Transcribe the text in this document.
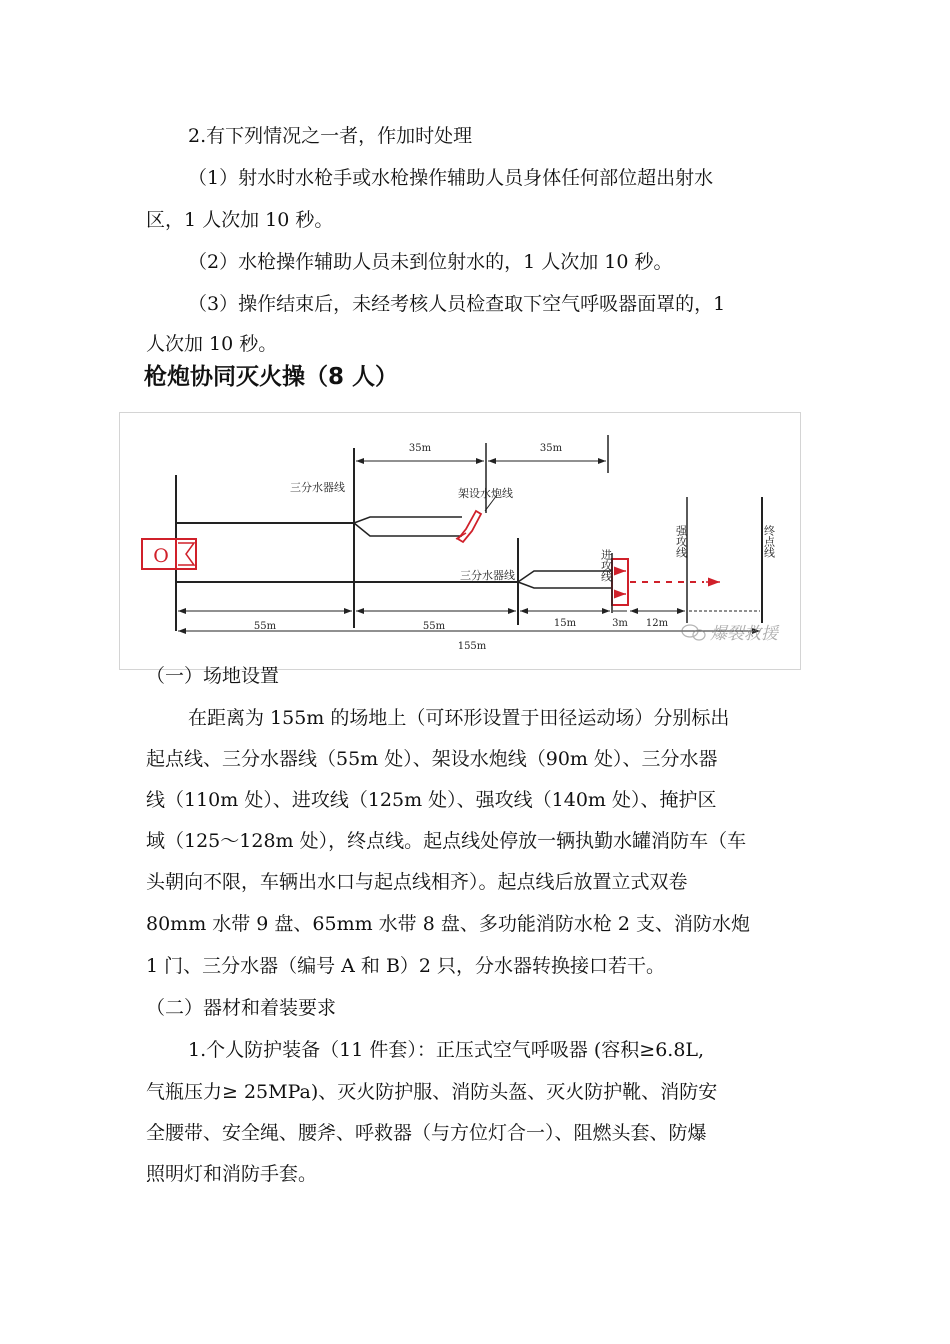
2.有下列情况之一者，作加时处理
（1）射水时水枪手或水枪操作辅助人员身体任何部位超出射水
区，1 人次加 10 秒。
（2）水枪操作辅助人员未到位射水的，1 人次加 10 秒。
（3）操作结束后，未经考核人员检查取下空气呼吸器面罩的，1
人次加 10 秒。
枪炮协同灭火操（8 人）
O
35m	35m
三分水器线	架设水炮线
三分水器线	进攻线
强攻线	终点线
55m	55m	15m	3m 12m
155m
爆裂救援
（一）场地设置
在距离为 155m 的场地上（可环形设置于田径运动场）分别标出
起点线、三分水器线（55m 处）、架设水炮线（90m 处）、三分水器
线（110m 处）、进攻线（125m 处）、强攻线（140m 处）、掩护区
域（125～128m 处），终点线。起点线处停放一辆执勤水罐消防车（车
头朝向不限，车辆出水口与起点线相齐）。起点线后放置立式双卷
80mm 水带 9 盘、65mm 水带 8 盘、多功能消防水枪 2 支、消防水炮
1 门、三分水器（编号 A 和 B）2 只，分水器转换接口若干。
（二）器材和着装要求
1.个人防护装备（11 件套）：正压式空气呼吸器 (容积≥6.8L,
气瓶压力≥ 25MPa)、灭火防护服、消防头盔、灭火防护靴、消防安
全腰带、安全绳、腰斧、呼救器（与方位灯合一）、阻燃头套、防爆
照明灯和消防手套。
